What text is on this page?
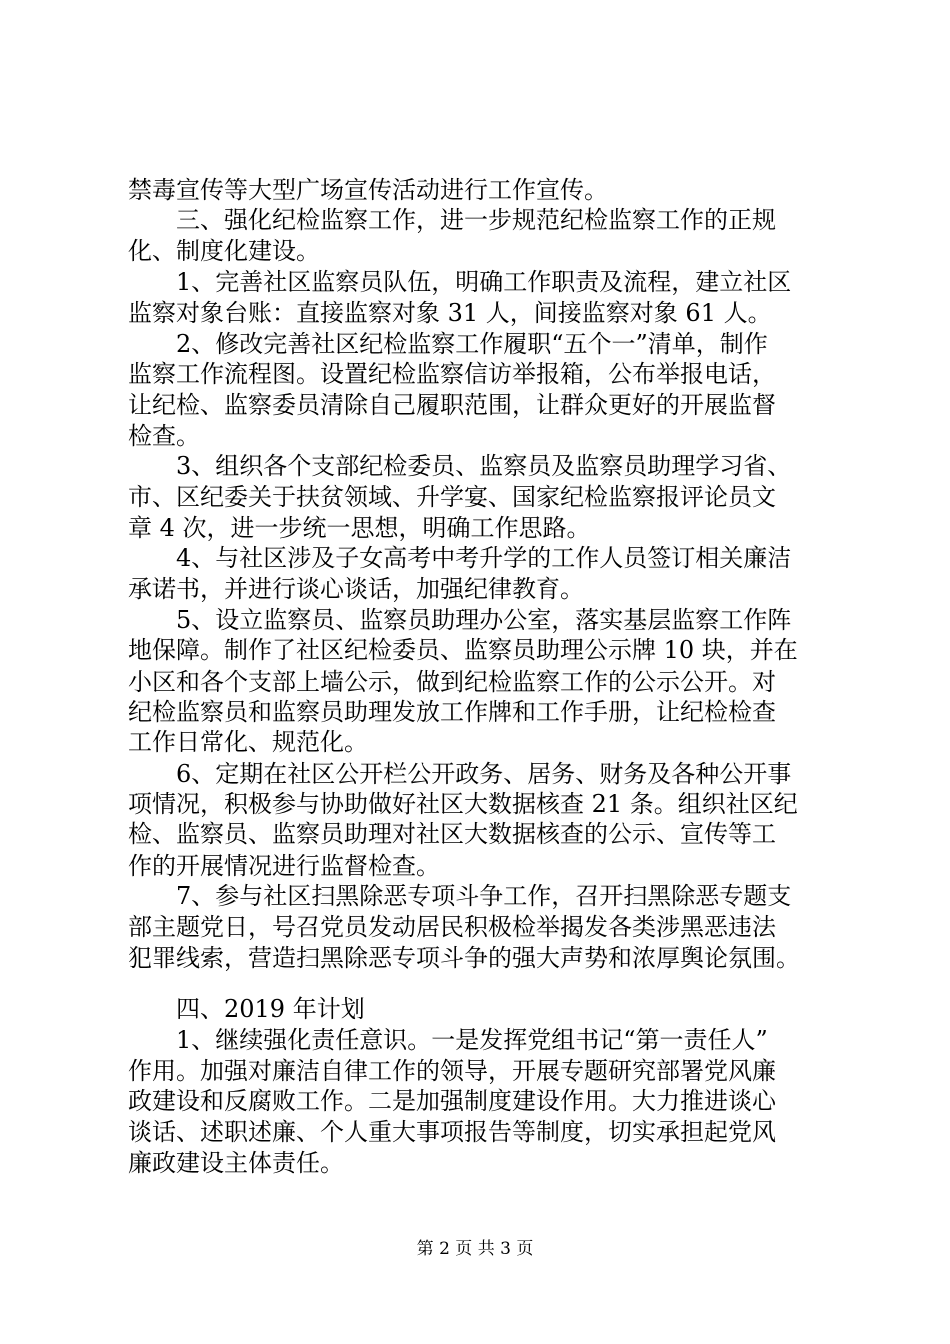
禁毒宣传等大型广场宣传活动进行工作宣传。
三、强化纪检监察工作，进一步规范纪检监察工作的正规
化、制度化建设。
1、完善社区监察员队伍，明确工作职责及流程，建立社区
监察对象台账：直接监察对象 31 人，间接监察对象 61 人。
2、修改完善社区纪检监察工作履职“五个一”清单，制作
监察工作流程图。设置纪检监察信访举报箱，公布举报电话，
让纪检、监察委员清除自己履职范围，让群众更好的开展监督
检查。
3、组织各个支部纪检委员、监察员及监察员助理学习省、
市、区纪委关于扶贫领域、升学宴、国家纪检监察报评论员文
章 4 次，进一步统一思想，明确工作思路。
4、与社区涉及子女高考中考升学的工作人员签订相关廉洁
承诺书，并进行谈心谈话，加强纪律教育。
5、设立监察员、监察员助理办公室，落实基层监察工作阵
地保障。制作了社区纪检委员、监察员助理公示牌 10 块，并在
小区和各个支部上墙公示，做到纪检监察工作的公示公开。对
纪检监察员和监察员助理发放工作牌和工作手册，让纪检检查
工作日常化、规范化。
6、定期在社区公开栏公开政务、居务、财务及各种公开事
项情况，积极参与协助做好社区大数据核查 21 条。组织社区纪
检、监察员、监察员助理对社区大数据核查的公示、宣传等工
作的开展情况进行监督检查。
7、参与社区扫黑除恶专项斗争工作，召开扫黑除恶专题支
部主题党日，号召党员发动居民积极检举揭发各类涉黑恶违法
犯罪线索，营造扫黑除恶专项斗争的强大声势和浓厚舆论氛围。
四、2019 年计划
1、继续强化责任意识。一是发挥党组书记“第一责任人”
作用。加强对廉洁自律工作的领导，开展专题研究部署党风廉
政建设和反腐败工作。二是加强制度建设作用。大力推进谈心
谈话、述职述廉、个人重大事项报告等制度，切实承担起党风
廉政建设主体责任。
第 2 页 共 3 页
